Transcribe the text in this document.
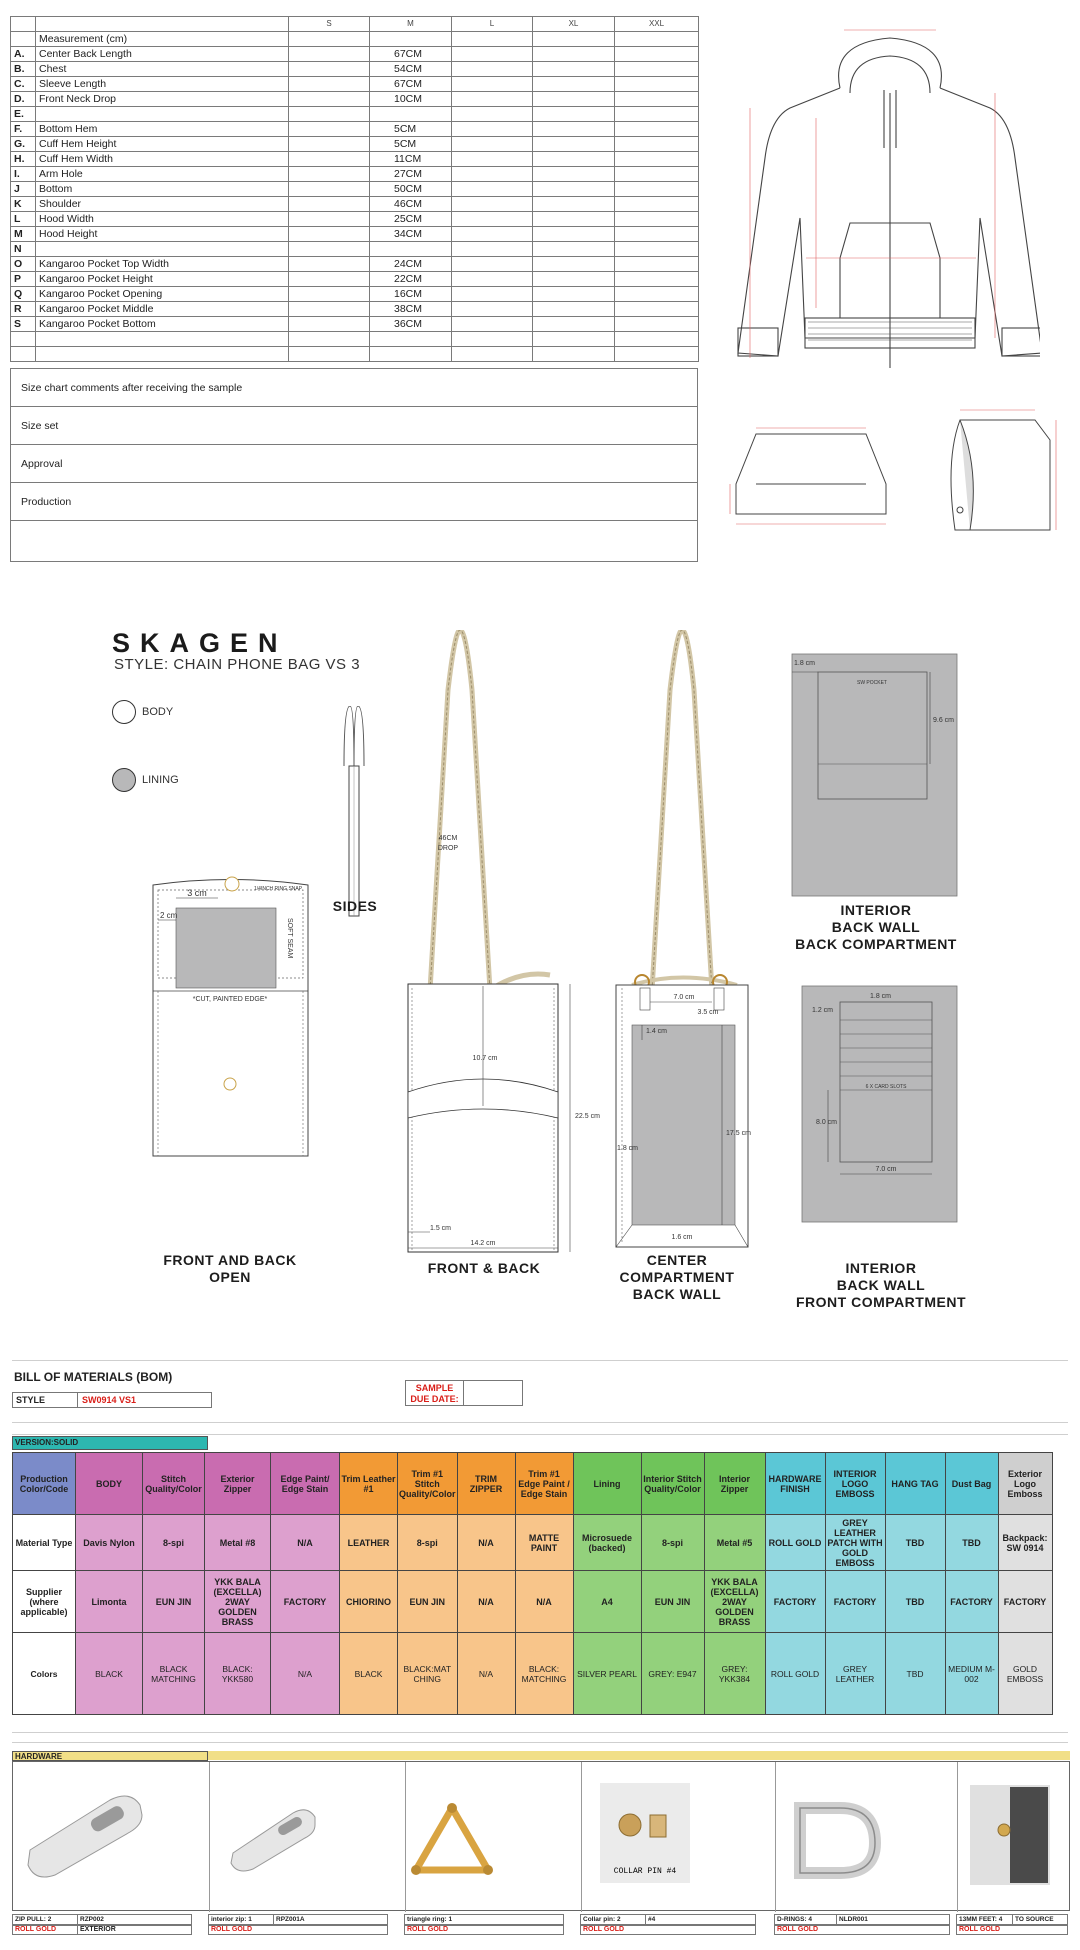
		S	M	L	XL	XXL
	Measurement (cm)					
A.	Center Back Length		67CM			
B.	Chest		54CM			
C.	Sleeve Length		67CM			
D.	Front Neck Drop		10CM			
E.						
F.	Bottom Hem		5CM			
G.	Cuff Hem Height		5CM			
H.	Cuff Hem Width		11CM			
I.	Arm Hole		27CM			
J	Bottom		50CM			
K	Shoulder		46CM			
L	Hood Width		25CM			
M	Hood Height		34CM			
N						
O	Kangaroo Pocket Top Width		24CM			
P	Kangaroo Pocket Height		22CM			
Q	Kangaroo Pocket Opening		16CM			
R	Kangaroo Pocket Middle		38CM			
S	Kangaroo Pocket Bottom		36CM			

Size chart comments after receiving the sample
Size set
Approval
Production
SKAGEN
STYLE: CHAIN PHONE BAG VS 3
BODY
LINING
3 cm
2 cm
*CUT, PAINTED EDGE*
1/4INCH RING SNAP
SOFT SEAM
46CM
DROP
10.7 cm
22.5 cm
1.5 cm
14.2 cm
7.0 cm
3.5 cm
1.4 cm
17.5 cm
1.8 cm
1.6 cm
1.8 cm
9.6 cm
SW POCKET
1.8 cm
1.2 cm
8.0 cm
7.0 cm
6 X CARD SLOTS
FRONT AND BACK
OPEN
SIDES
FRONT & BACK	CENTER
COMPARTMENT
BACK WALL
INTERIOR
BACK WALL
BACK COMPARTMENT
INTERIOR
BACK WALL
FRONT COMPARTMENT
BILL OF MATERIALS (BOM)
STYLE	SW0914 VS1
SAMPLE DUE DATE:
VERSION:SOLID
Production Color/Code	BODY	Stitch Quality/Color	Exterior Zipper	Edge Paint/ Edge Stain	Trim Leather #1	Trim #1 Stitch Quality/Color	TRIM ZIPPER	Trim #1 Edge Paint / Edge Stain	Lining	Interior Stitch Quality/Color	Interior Zipper	HARDWARE FINISH	INTERIOR LOGO EMBOSS	HANG TAG	Dust Bag	Exterior Logo Emboss
Material Type	Davis Nylon	8-spi	Metal #8	N/A	LEATHER	8-spi	N/A	MATTE PAINT	Microsuede (backed)	8-spi	Metal #5	ROLL GOLD	GREY LEATHER PATCH WITH GOLD EMBOSS	TBD	TBD	Backpack: SW 0914
Supplier (where applicable)	Limonta	EUN JIN	YKK BALA (EXCELLA) 2WAY GOLDEN BRASS	FACTORY	CHIORINO	EUN JIN	N/A	N/A	A4	EUN JIN	YKK BALA (EXCELLA) 2WAY GOLDEN BRASS	FACTORY	FACTORY	TBD	FACTORY	FACTORY
Colors	BLACK	BLACK MATCHING	BLACK: YKK580	N/A	BLACK	BLACK:MAT CHING	N/A	BLACK: MATCHING	SILVER PEARL	GREY: E947	GREY: YKK384	ROLL GOLD	GREY LEATHER	TBD	MEDIUM M-002	GOLD EMBOSS
HARDWARE
COLLAR PIN #4
ZIP PULL: 2	RZP002
ROLL GOLD	EXTERIOR
interior zip: 1	RPZ001A
ROLL GOLD
triangle ring: 1
ROLL GOLD
Collar pin: 2	#4
ROLL GOLD
D-RINGS: 4	NLDR001
ROLL GOLD
13MM FEET: 4	TO SOURCE
ROLL GOLD
